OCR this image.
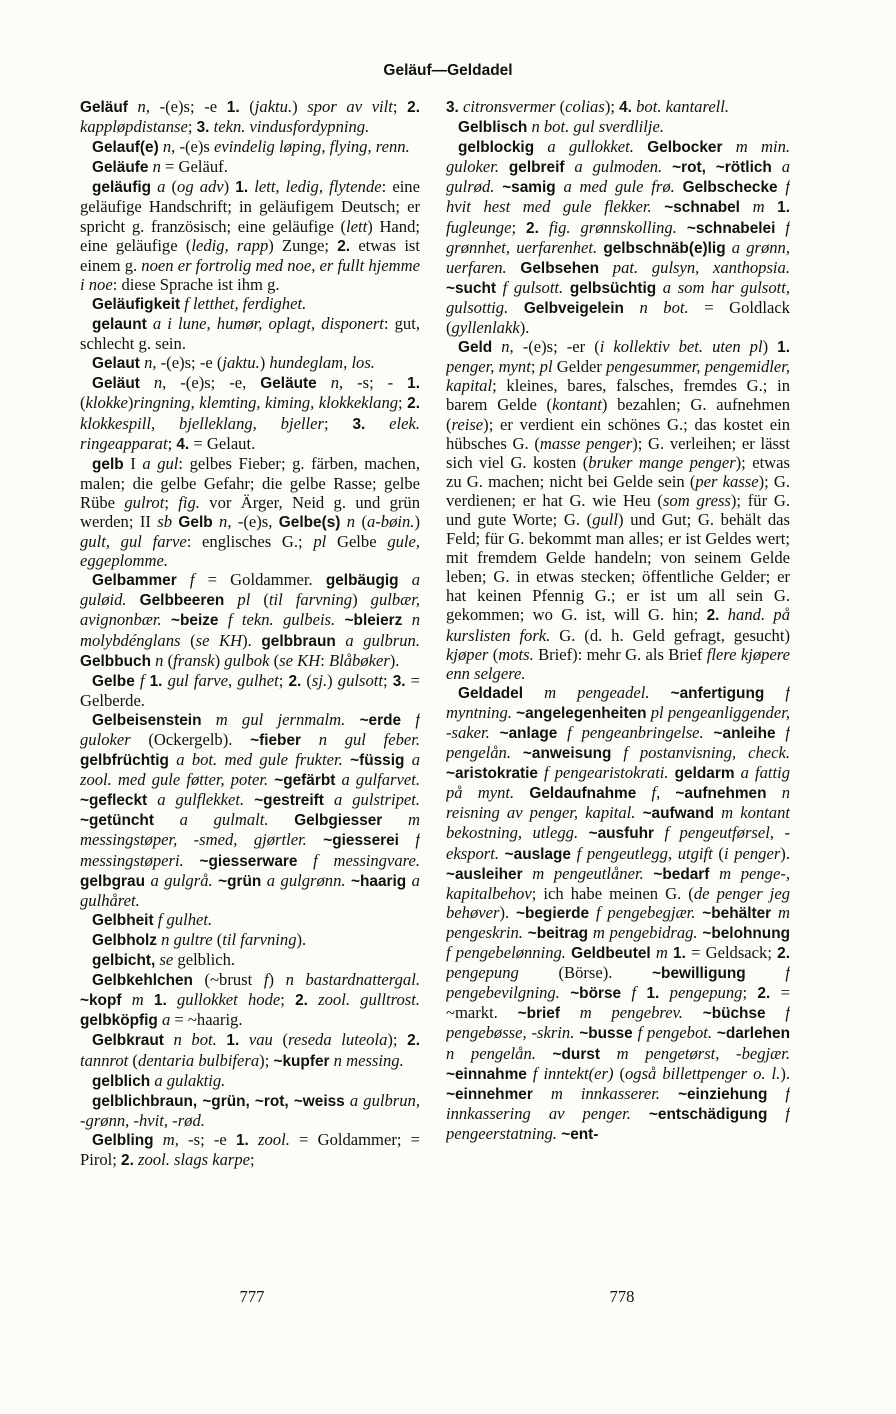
Geläuf—Geldadel

Geläuf n, -(e)s; -e 1. (jaktu.) spor av vilt; 2. kappløpdistanse; 3. tekn. vindusfordypning.

Gelauf(e) n, -(e)s evindelig løping, flying, renn.

Geläufe n = Geläuf.

geläufig a (og adv) 1. lett, ledig, flytende: eine geläufige Handschrift; in geläufigem Deutsch; er spricht g. französisch; eine geläufige (lett) Hand; eine geläufige (ledig, rapp) Zunge; 2. etwas ist einem g. noen er fortrolig med noe, er fullt hjemme i noe: diese Sprache ist ihm g.

Geläufigkeit f letthet, ferdighet.

gelaunt a i lune, humør, oplagt, disponert: gut, schlecht g. sein.

Gelaut n, -(e)s; -e (jaktu.) hundeglam, los.

Geläut n, -(e)s; -e, Geläute n, -s; - 1. (klokke)ringning, klemting, kiming, klokkeklang; 2. klokkespill, bjelleklang, bjeller; 3. elek. ringeapparat; 4. = Gelaut.

gelb I a gul: gelbes Fieber; g. färben, machen, malen; die gelbe Gefahr; die gelbe Rasse; gelbe Rübe gulrot; fig. vor Ärger, Neid g. und grün werden; II sb Gelb n, -(e)s, Gelbe(s) n (a-bøin.) gult, gul farve: englisches G.; pl Gelbe gule, eggeplomme.

Gelbammer f = Goldammer. gelbäugig a guløid. Gelbbeeren pl (til farvning) gulbær, avignonbær. ~beize f tekn. gulbeis. ~bleierz n molybdénglans (se KH). gelbbraun a gulbrun. Gelbbuch n (fransk) gulbok (se KH: Blåbøker).

Gelbe f 1. gul farve, gulhet; 2. (sj.) gulsott; 3. = Gelberde.

Gelbeisenstein m gul jernmalm. ~erde f guloker (Ockergelb). ~fieber n gul feber. gelbfrüchtig a bot. med gule frukter. ~füssig a zool. med gule føtter, poter. ~gefärbt a gulfarvet. ~gefleckt a gulflekket. ~gestreift a gulstripet. ~getüncht a gulmalt. Gelbgiesser m messingstøper, -smed, gjørtler. ~giesserei f messingstøperi. ~giesserware f messingvare. gelbgrau a gulgrå. ~grün a gulgrønn. ~haarig a gulhåret.

Gelbheit f gulhet.

Gelbholz n gultre (til farvning).

gelbicht, se gelblich.

Gelbkehlchen (~brust f) n bastardnattergal. ~kopf m 1. gullokket hode; 2. zool. gulltrost. gelbköpfig a = ~haarig.

Gelbkraut n bot. 1. vau (reseda luteola); 2. tannrot (dentaria bulbifera); ~kupfer n messing.

gelblich a gulaktig.

gelblichbraun, ~grün, ~rot, ~weiss a gulbrun, -grønn, -hvit, -rød.

Gelbling m, -s; -e 1. zool. = Goldammer; = Pirol; 2. zool. slags karpe;

3. citronsvermer (colias); 4. bot. kantarell.

Gelblisch n bot. gul sverdlilje.

gelblockig a gullokket. Gelbocker m min. guloker. gelbreif a gulmoden. ~rot, ~rötlich a gulrød. ~samig a med gule frø. Gelbschecke f hvit hest med gule flekker. ~schnabel m 1. fugleunge; 2. fig. grønnskolling. ~schnabelei f grønnhet, uerfarenhet. gelbschnäb(e)lig a grønn, uerfaren. Gelbsehen pat. gulsyn, xanthopsia. ~sucht f gulsott. gelbsüchtig a som har gulsott, gulsottig. Gelbveigelein n bot. = Goldlack (gyllenlakk).

Geld n, -(e)s; -er (i kollektiv bet. uten pl) 1. penger, mynt; pl Gelder pengesummer, pengemidler, kapital; kleines, bares, falsches, fremdes G.; in barem Gelde (kontant) bezahlen; G. aufnehmen (reise); er verdient ein schönes G.; das kostet ein hübsches G. (masse penger); G. verleihen; er lässt sich viel G. kosten (bruker mange penger); etwas zu G. machen; nicht bei Gelde sein (per kasse); G. verdienen; er hat G. wie Heu (som gress); für G. und gute Worte; G. (gull) und Gut; G. behält das Feld; für G. bekommt man alles; er ist Geldes wert; mit fremdem Gelde handeln; von seinem Gelde leben; G. in etwas stecken; öffentliche Gelder; er hat keinen Pfennig G.; er ist um all sein G. gekommen; wo G. ist, will G. hin; 2. hand. på kurslisten fork. G. (d. h. Geld gefragt, gesucht) kjøper (mots. Brief): mehr G. als Brief flere kjøpere enn selgere.

Geldadel m pengeadel. ~anfertigung f myntning. ~angelegenheiten pl pengeanliggender, -saker. ~anlage f pengeanbringelse. ~anleihe f pengelån. ~anweisung f postanvisning, check. ~aristokratie f pengearistokrati. geldarm a fattig på mynt. Geldaufnahme f, ~aufnehmen n reisning av penger, kapital. ~aufwand m kontant bekostning, utlegg. ~ausfuhr f pengeutførsel, -eksport. ~auslage f pengeutlegg, utgift (i penger). ~ausleiher m pengeutlåner. ~bedarf m penge-, kapitalbehov; ich habe meinen G. (de penger jeg behøver). ~begierde f pengebegjær. ~behälter m pengeskrin. ~beitrag m pengebidrag. ~belohnung f pengebelønning. Geldbeutel m 1. = Geldsack; 2. pengepung (Börse). ~bewilligung f pengebevilgning. ~börse f 1. pengepung; 2. = ~markt. ~brief m pengebrev. ~büchse f pengebøsse, -skrin. ~busse f pengebot. ~darlehen n pengelån. ~durst m pengetørst, -begjær. ~einnahme f inntekt(er) (også billettpenger o. l.). ~einnehmer m innkasserer. ~einziehung f innkassering av penger. ~entschädigung f pengeerstatning. ~ent-

777	778
